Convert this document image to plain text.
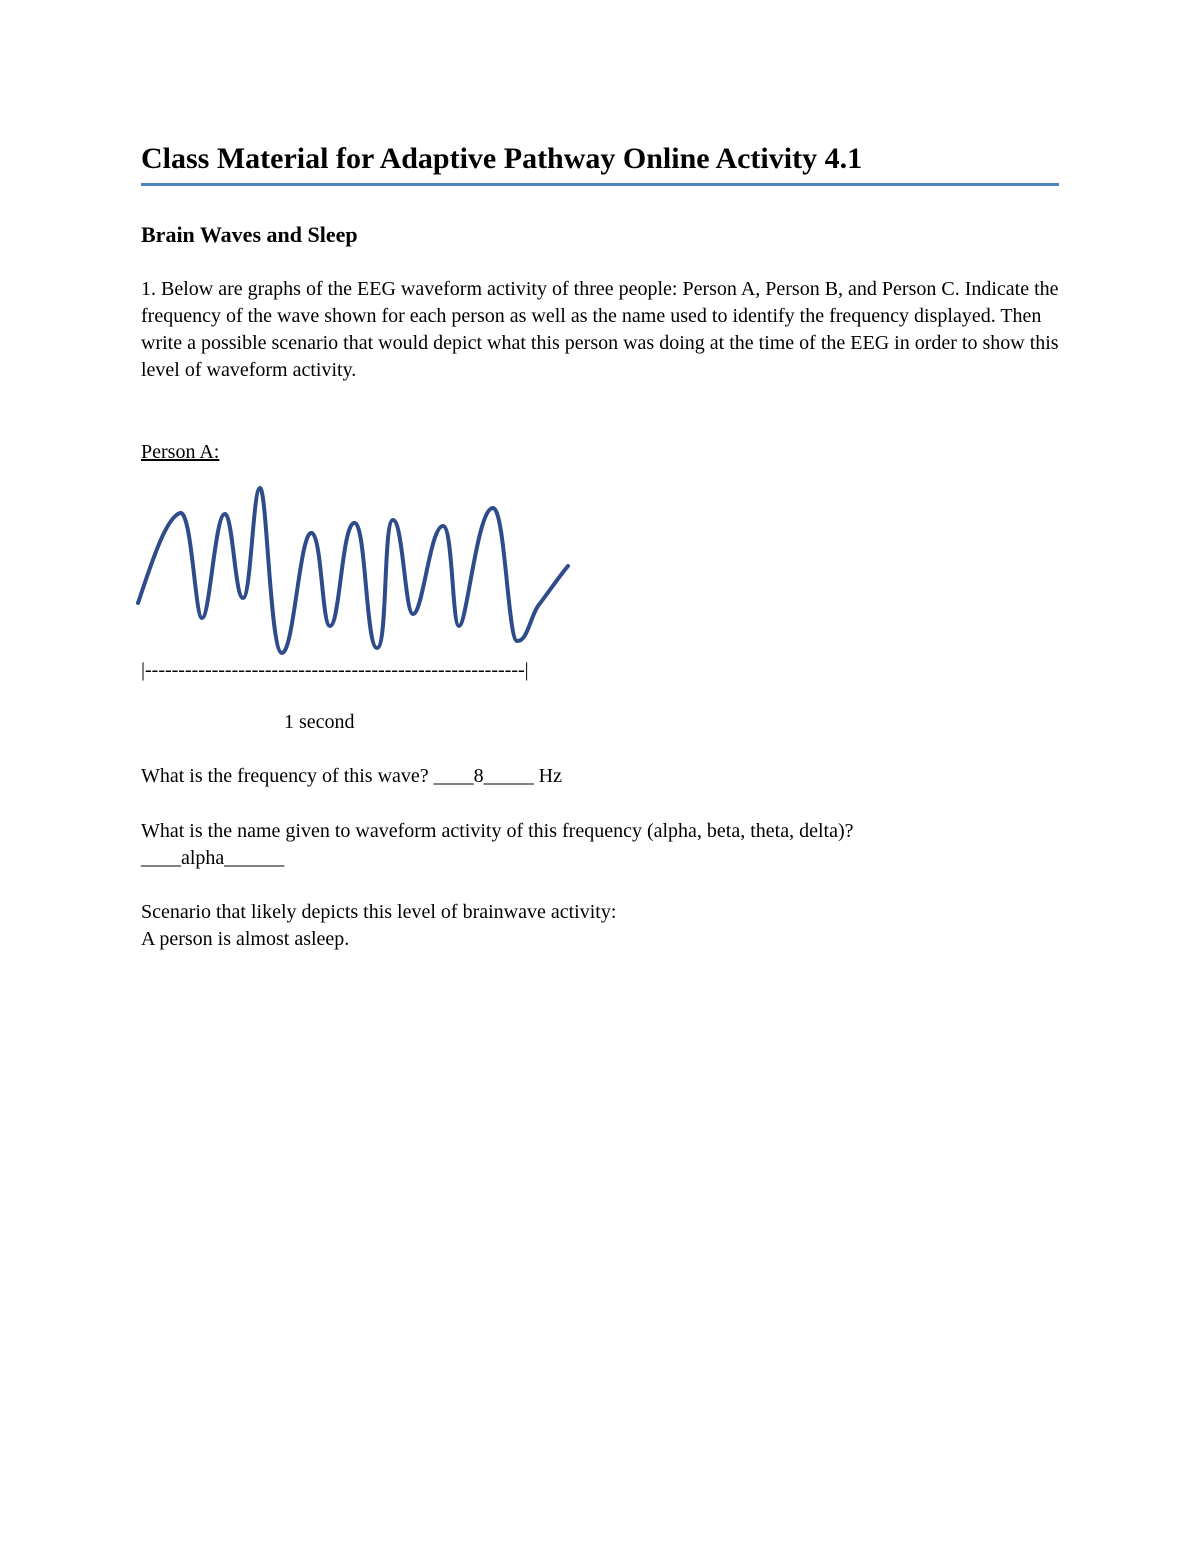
Class Material for Adaptive Pathway Online Activity 4.1
Brain Waves and Sleep

1. Below are graphs of the EEG waveform activity of three people: Person A, Person B, and Person C. Indicate the frequency of the wave shown for each person as well as the name used to identify the frequency displayed. Then write a possible scenario that would depict what this person was doing at the time of the EEG in order to show this level of waveform activity.

Person A:

|---------------------------------------------------------|

1 second

What is the frequency of this wave? ____8_____ Hz

What is the name given to waveform activity of this frequency (alpha, beta, theta, delta)?

____alpha______

Scenario that likely depicts this level of brainwave activity:

A person is almost asleep.
